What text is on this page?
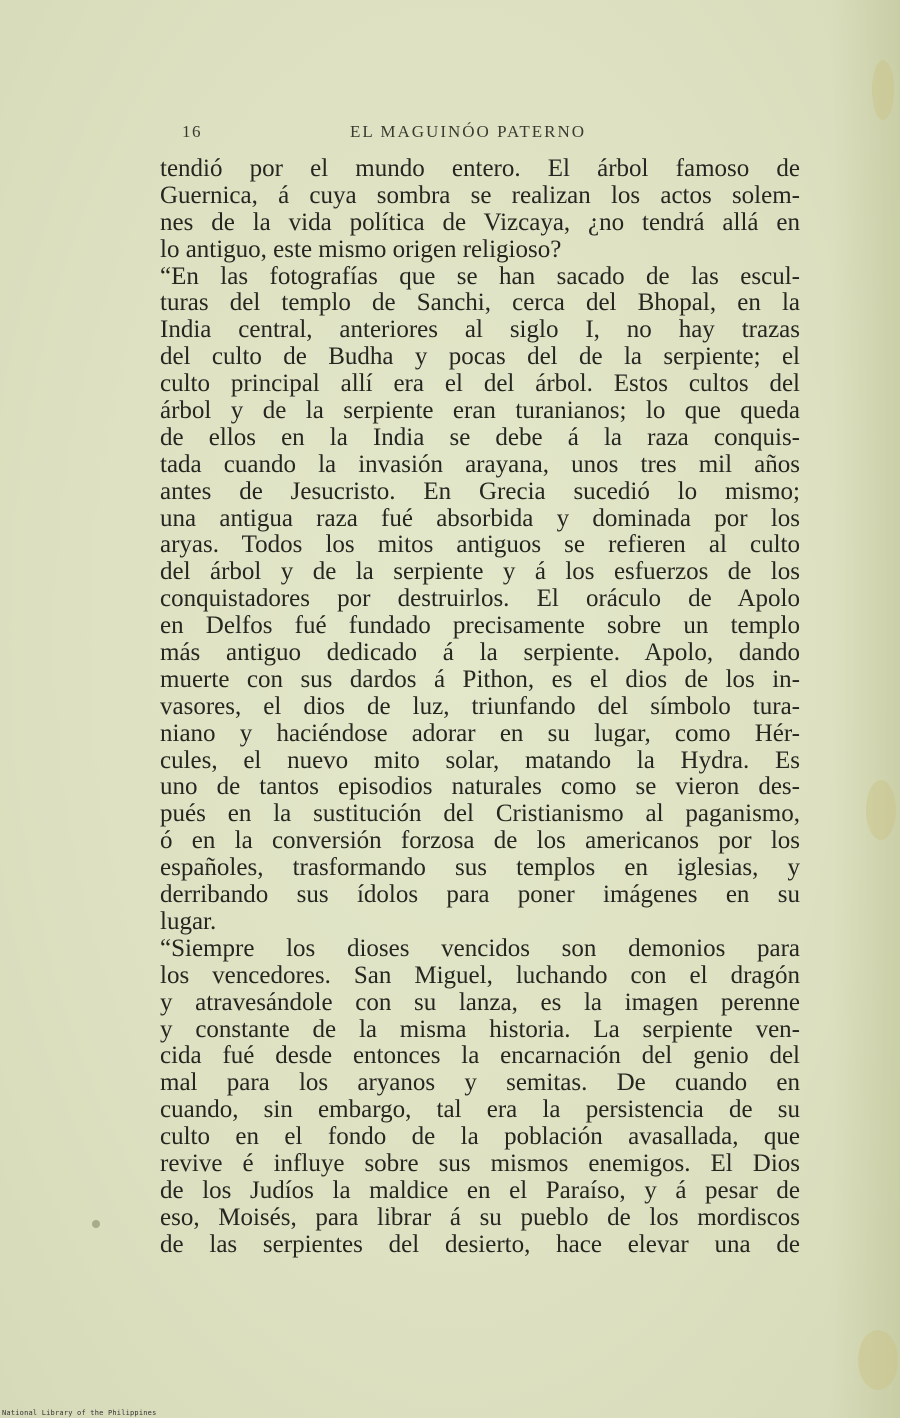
16	EL MAGUINÓO PATERNO
tendió por el mundo entero. El árbol famoso de
Guernica, á cuya sombra se realizan los actos solem-
nes de la vida política de Vizcaya, ¿no tendrá allá en
lo antiguo, este mismo origen religioso?
“En las fotografías que se han sacado de las escul-
turas del templo de Sanchi, cerca del Bhopal, en la
India central, anteriores al siglo I, no hay trazas
del culto de Budha y pocas del de la serpiente; el
culto principal allí era el del árbol. Estos cultos del
árbol y de la serpiente eran turanianos; lo que queda
de ellos en la India se debe á la raza conquis-
tada cuando la invasión arayana, unos tres mil años
antes de Jesucristo. En Grecia sucedió lo mismo;
una antigua raza fué absorbida y dominada por los
aryas. Todos los mitos antiguos se refieren al culto
del árbol y de la serpiente y á los esfuerzos de los
conquistadores por destruirlos. El oráculo de Apolo
en Delfos fué fundado precisamente sobre un templo
más antiguo dedicado á la serpiente. Apolo, dando
muerte con sus dardos á Pithon, es el dios de los in-
vasores, el dios de luz, triunfando del símbolo tura-
niano y haciéndose adorar en su lugar, como Hér-
cules, el nuevo mito solar, matando la Hydra. Es
uno de tantos episodios naturales como se vieron des-
pués en la sustitución del Cristianismo al paganismo,
ó en la conversión forzosa de los americanos por los
españoles, trasformando sus templos en iglesias, y
derribando sus ídolos para poner imágenes en su
lugar.
“Siempre los dioses vencidos son demonios para
los vencedores. San Miguel, luchando con el dragón
y atravesándole con su lanza, es la imagen perenne
y constante de la misma historia. La serpiente ven-
cida fué desde entonces la encarnación del genio del
mal para los aryanos y semitas. De cuando en
cuando, sin embargo, tal era la persistencia de su
culto en el fondo de la población avasallada, que
revive é influye sobre sus mismos enemigos. El Dios
de los Judíos la maldice en el Paraíso, y á pesar de
eso, Moisés, para librar á su pueblo de los mordiscos
de las serpientes del desierto, hace elevar una de
National Library of the Philippines
